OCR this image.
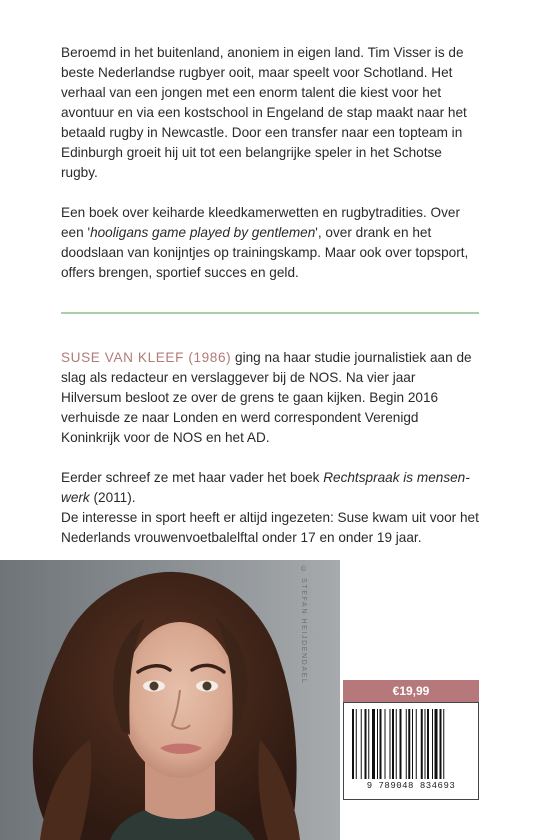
Beroemd in het buitenland, anoniem in eigen land. Tim Visser is de beste Nederlandse rugbyer ooit, maar speelt voor Schotland. Het verhaal van een jongen met een enorm talent die kiest voor het avontuur en via een kostschool in Engeland de stap maakt naar het betaald rugby in Newcastle. Door een transfer naar een topteam in Edinburgh groeit hij uit tot een belangrijke speler in het Schotse rugby.

Een boek over keiharde kleedkamerwetten en rugbytradities. Over een 'hooligans game played by gentlemen', over drank en het doodslaan van konijntjes op trainingskamp. Maar ook over topsport, offers brengen, sportief succes en geld.

SUSE VAN KLEEF (1986) ging na haar studie journalistiek aan de slag als redacteur en verslaggever bij de NOS. Na vier jaar Hilversum besloot ze over de grens te gaan kijken. Begin 2016 verhuisde ze naar Londen en werd correspondent Verenigd Koninkrijk voor de NOS en het AD.

Eerder schreef ze met haar vader het boek Rechtspraak is mensen-werk (2011).

De interesse in sport heeft er altijd ingezeten: Suse kwam uit voor het Nederlands vrouwenvoetbalelftal onder 17 en onder 19 jaar.

© STEFAN HEIJDENDAEL
€19,99
9 789048 834693
